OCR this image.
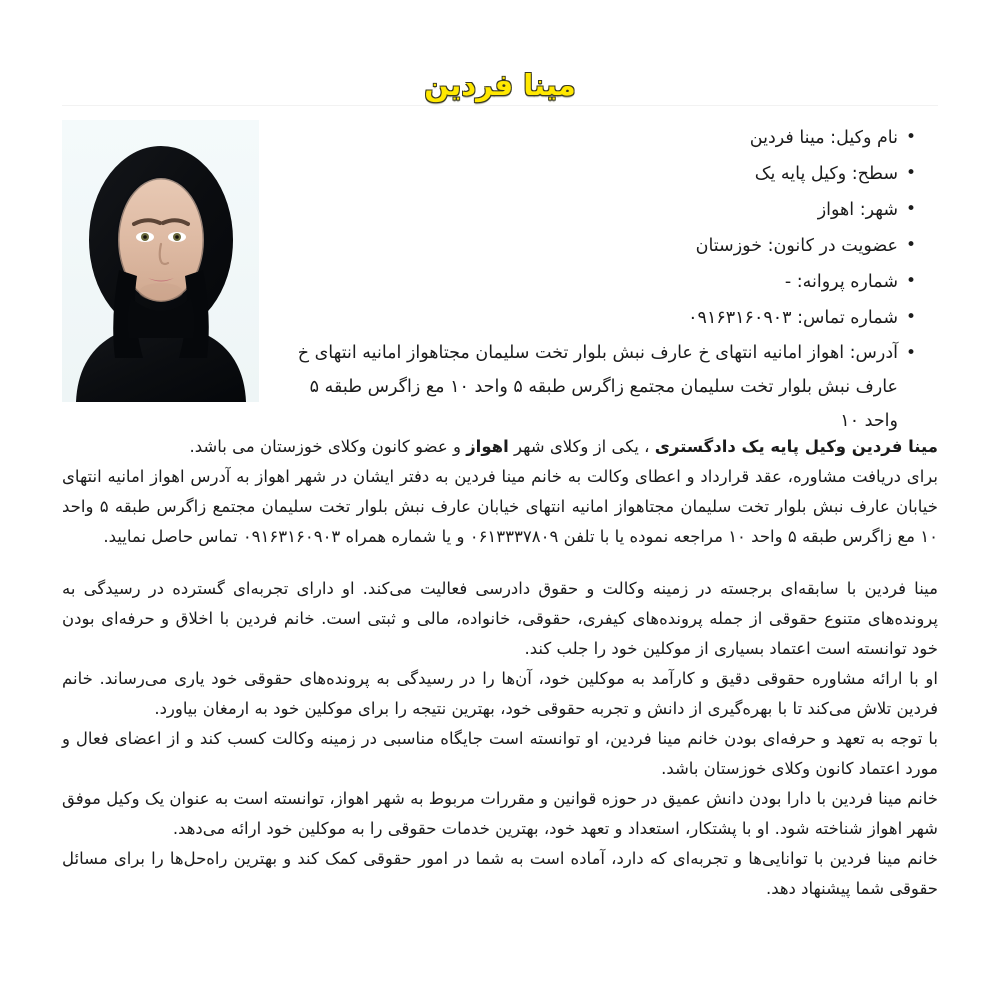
مینا فردین
• نام وکیل: مینا فردین
• سطح: وکیل پایه یک
• شهر: اهواز
• عضویت در کانون: خوزستان
• شماره پروانه: -
• شماره تماس: ۰۹۱۶۳۱۶۰۹۰۳
• آدرس: اهواز امانیه انتهای خ عارف نبش بلوار تخت سلیمان مجتاهواز امانیه انتهای خ عارف نبش بلوار تخت سلیمان مجتمع زاگرس طبقه ۵ واحد ۱۰ مع زاگرس طبقه ۵ واحد ۱۰

مینا فردین وکیل پایه یک دادگستری ، یکی از وکلای شهر اهواز و عضو کانون وکلای خوزستان می باشد.

برای دریافت مشاوره، عقد قرارداد و اعطای وکالت به خانم مینا فردین به دفتر ایشان در شهر اهواز به آدرس اهواز امانیه انتهای خیابان عارف نبش بلوار تخت سلیمان مجتاهواز امانیه انتهای خیابان عارف نبش بلوار تخت سلیمان مجتمع زاگرس طبقه ۵ واحد ۱۰ مع زاگرس طبقه ۵ واحد ۱۰ مراجعه نموده یا با تلفن ۰۶۱۳۳۳۷۸۰۹ و یا شماره همراه ۰۹۱۶۳۱۶۰۹۰۳ تماس حاصل نمایید.

مینا فردین با سابقه‌ای برجسته در زمینه وکالت و حقوق دادرسی فعالیت می‌کند. او دارای تجربه‌ای گسترده در رسیدگی به پرونده‌های متنوع حقوقی از جمله پرونده‌های کیفری، حقوقی، خانواده، مالی و ثبتی است. خانم فردین با اخلاق و حرفه‌ای بودن خود توانسته است اعتماد بسیاری از موکلین خود را جلب کند.

او با ارائه مشاوره حقوقی دقیق و کارآمد به موکلین خود، آن‌ها را در رسیدگی به پرونده‌های حقوقی خود یاری می‌رساند. خانم فردین تلاش می‌کند تا با بهره‌گیری از دانش و تجربه حقوقی خود، بهترین نتیجه را برای موکلین خود به ارمغان بیاورد.

با توجه به تعهد و حرفه‌ای بودن خانم مینا فردین، او توانسته است جایگاه مناسبی در زمینه وکالت کسب کند و از اعضای فعال و مورد اعتماد کانون وکلای خوزستان باشد.

خانم مینا فردین با دارا بودن دانش عمیق در حوزه قوانین و مقررات مربوط به شهر اهواز، توانسته است به عنوان یک وکیل موفق شهر اهواز شناخته شود. او با پشتکار، استعداد و تعهد خود، بهترین خدمات حقوقی را به موکلین خود ارائه می‌دهد.

خانم مینا فردین با توانایی‌ها و تجربه‌ای که دارد، آماده است به شما در امور حقوقی کمک کند و بهترین راه‌حل‌ها را برای مسائل حقوقی شما پیشنهاد دهد.
